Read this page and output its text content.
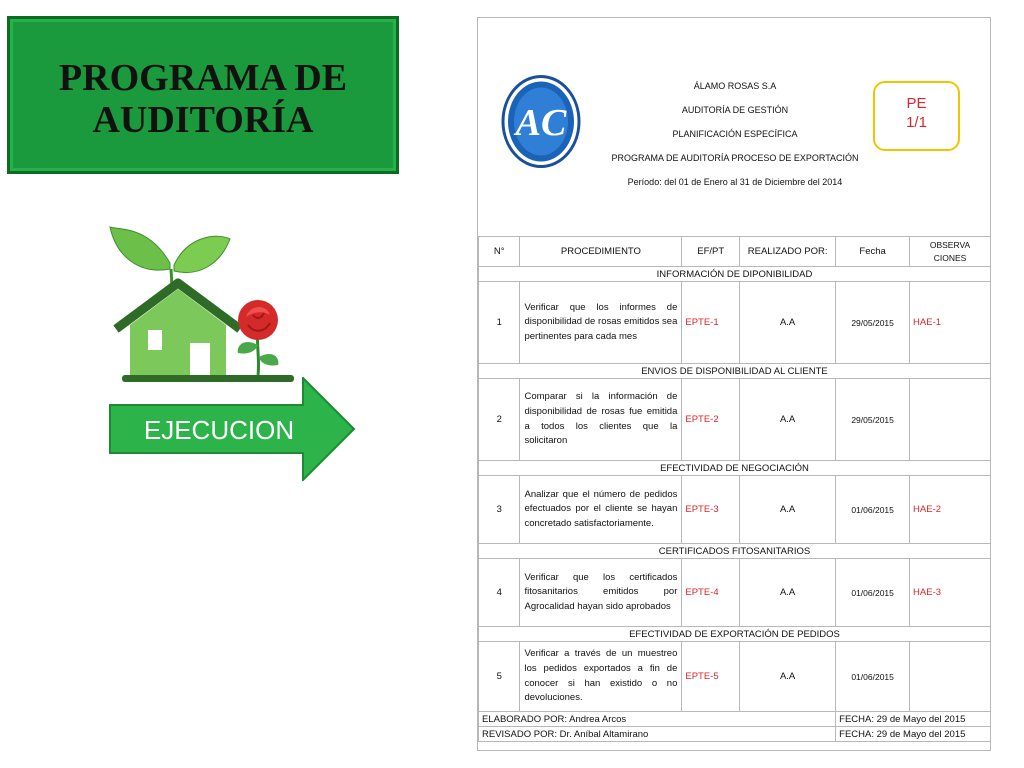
PROGRAMA DE
AUDITORÍA
EJECUCION
AC
ÁLAMO ROSAS S.A
AUDITORÍA DE GESTIÓN
PLANIFICACIÓN ESPECÍFICA
PROGRAMA DE AUDITORÍA PROCESO DE EXPORTACIÓN
Período: del 01 de Enero al 31 de Diciembre del 2014
PE
1/1
N°	PROCEDIMIENTO	EF/PT	REALIZADO POR:	Fecha	OBSERVA
CIONES
INFORMACIÓN DE DIPONIBILIDAD					
1	Verificar que los informes de disponibilidad de rosas emitidos sea pertinentes para cada mes	EPTE-1	A.A	29/05/2015	HAE-1
ENVIOS DE DISPONIBILIDAD AL CLIENTE					
2	Comparar si la información de disponibilidad de rosas fue emitida a todos los clientes que la solicitaron	EPTE-2	A.A	29/05/2015	
EFECTIVIDAD DE NEGOCIACIÓN					
3	Analizar que el número de pedidos efectuados por el cliente se hayan concretado satisfactoriamente.	EPTE-3	A.A	01/06/2015	HAE-2
CERTIFICADOS FITOSANITARIOS					
4	Verificar que los certificados fitosanitarios emitidos por Agrocalidad hayan sido aprobados	EPTE-4	A.A	01/06/2015	HAE-3
EFECTIVIDAD DE EXPORTACIÓN DE PEDIDOS					
5	Verificar a través de un muestreo los pedidos exportados a fin de conocer si han existido o no devoluciones.	EPTE-5	A.A	01/06/2015	
ELABORADO POR: Andrea Arcos				FECHA: 29 de Mayo del 2015	
REVISADO POR: Dr. Aníbal Altamirano				FECHA: 29 de Mayo del 2015	
